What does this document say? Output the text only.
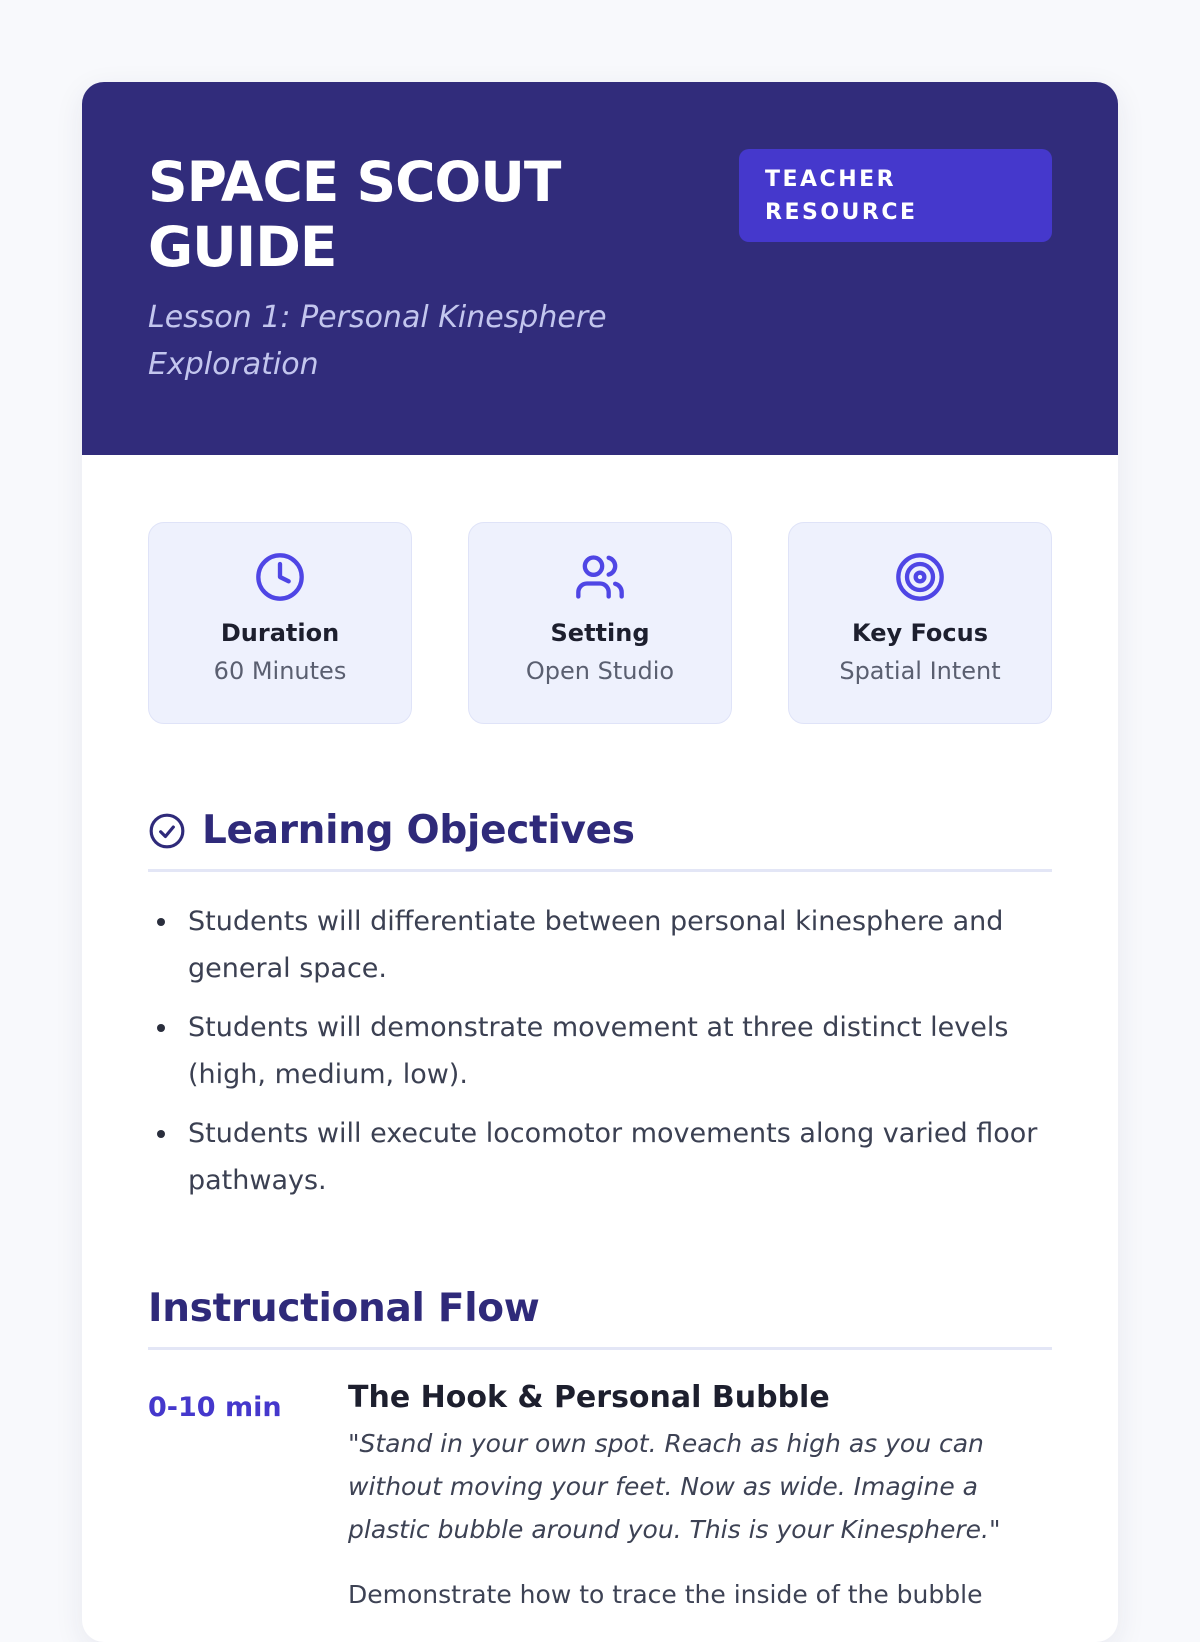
SPACE SCOUT GUIDE

Lesson 1: Personal Kinesphere Exploration

TEACHER RESOURCE
Duration
60 Minutes
Setting
Open Studio
Key Focus
Spatial Intent
Learning Objectives
Students will differentiate between personal kinesphere and general space.
Students will demonstrate movement at three distinct levels (high, medium, low).
Students will execute locomotor movements along varied floor pathways.
Instructional Flow
0-10 min	The Hook & Personal Bubble
"Stand in your own spot. Reach as high as you can without moving your feet. Now as wide. Imagine a plastic bubble around you. This is your Kinesphere."
Demonstrate how to trace the inside of the bubble
